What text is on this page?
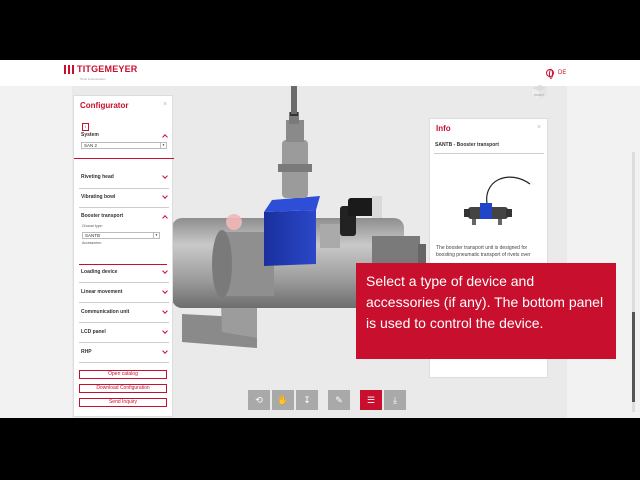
TITGEMEYER
Tools & Automation
DE
FRONT
Configurator	×
i
System
SAN 2	▼
Riveting head
Vibrating bowl
Booster transport
Choose type:
SANTB	▼
Accessories:
Loading device
Linear movement
Communication unit
LCD panel
RHP
Open catalog
Download Configuration
Send Inquiry
Info	×
SANTB - Booster transport
The booster transport unit is designed for boosting pneumatic transport of rivets over
Select a type of device and accessories (if any). The bottom panel is used to control the device.
⟲	✋	↧	✎	☰	⤓
